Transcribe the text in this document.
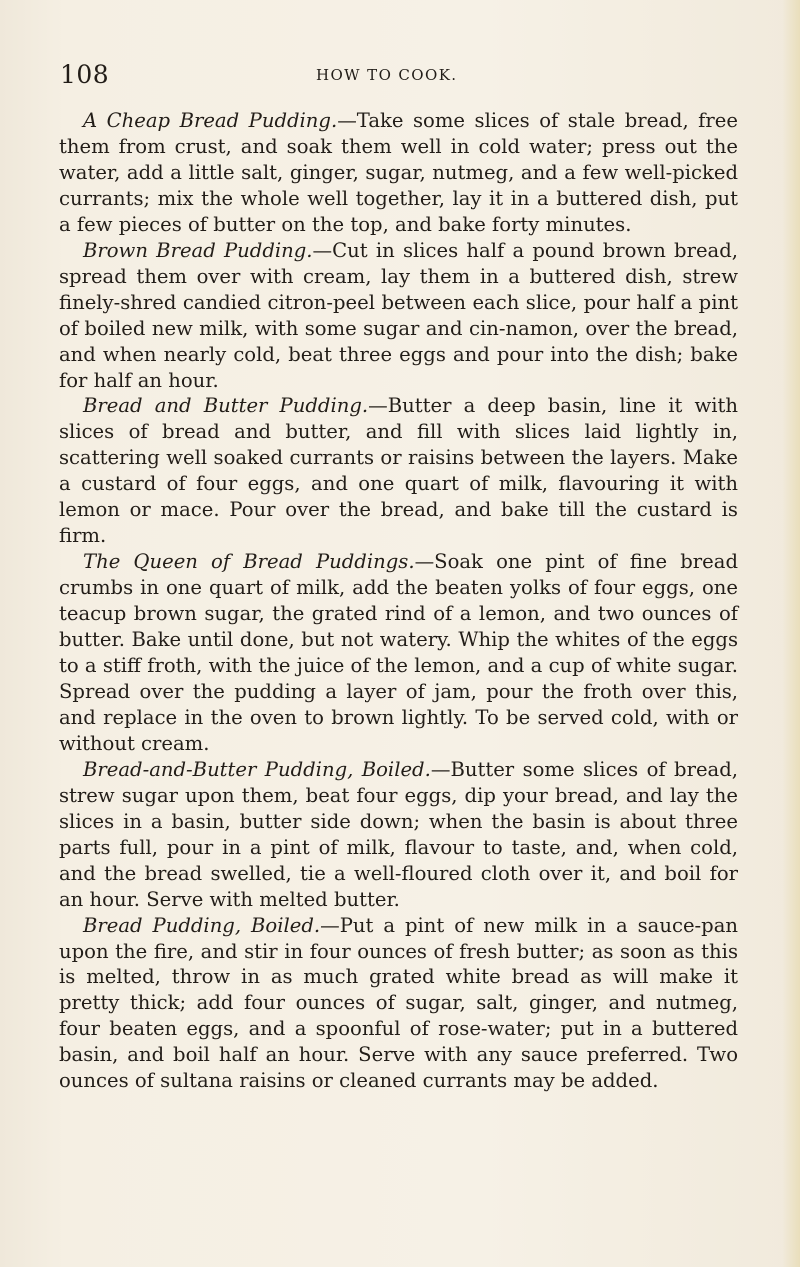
108	HOW TO COOK.

A Cheap Bread Pudding.—Take some slices of stale bread, free them from crust, and soak them well in cold water; press out the water, add a little salt, ginger, sugar, nutmeg, and a few well-picked currants; mix the whole well together, lay it in a buttered dish, put a few pieces of butter on the top, and bake forty minutes.

Brown Bread Pudding.—Cut in slices half a pound brown bread, spread them over with cream, lay them in a buttered dish, strew finely-shred candied citron-peel between each slice, pour half a pint of boiled new milk, with some sugar and cin-namon, over the bread, and when nearly cold, beat three eggs and pour into the dish; bake for half an hour.

Bread and Butter Pudding.—Butter a deep basin, line it with slices of bread and butter, and fill with slices laid lightly in, scattering well soaked currants or raisins between the layers. Make a custard of four eggs, and one quart of milk, flavouring it with lemon or mace. Pour over the bread, and bake till the custard is firm.

The Queen of Bread Puddings.—Soak one pint of fine bread crumbs in one quart of milk, add the beaten yolks of four eggs, one teacup brown sugar, the grated rind of a lemon, and two ounces of butter. Bake until done, but not watery. Whip the whites of the eggs to a stiff froth, with the juice of the lemon, and a cup of white sugar. Spread over the pudding a layer of jam, pour the froth over this, and replace in the oven to brown lightly. To be served cold, with or without cream.

Bread-and-Butter Pudding, Boiled.—Butter some slices of bread, strew sugar upon them, beat four eggs, dip your bread, and lay the slices in a basin, butter side down; when the basin is about three parts full, pour in a pint of milk, flavour to taste, and, when cold, and the bread swelled, tie a well-floured cloth over it, and boil for an hour. Serve with melted butter.

Bread Pudding, Boiled.—Put a pint of new milk in a sauce-pan upon the fire, and stir in four ounces of fresh butter; as soon as this is melted, throw in as much grated white bread as will make it pretty thick; add four ounces of sugar, salt, ginger, and nutmeg, four beaten eggs, and a spoonful of rose-water; put in a buttered basin, and boil half an hour. Serve with any sauce preferred. Two ounces of sultana raisins or cleaned currants may be added.
